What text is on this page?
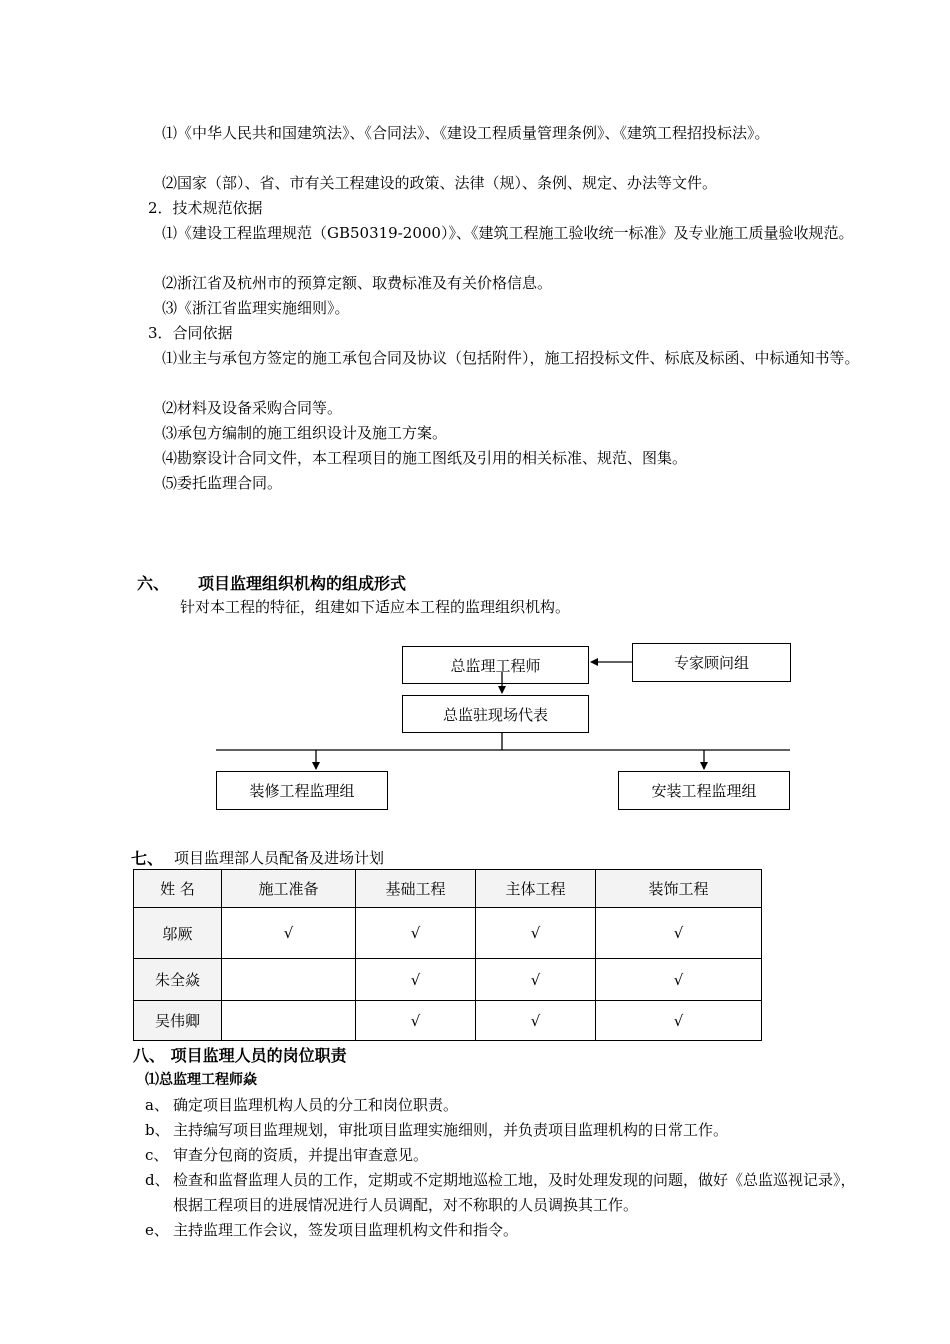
⑴《中华人民共和国建筑法》、《合同法》、《建设工程质量管理条例》、《建筑工程招投标法》。
⑵国家（部）、省、市有关工程建设的政策、法律（规）、条例、规定、办法等文件。
2．技术规范依据
⑴《建设工程监理规范（GB50319-2000）》、《建筑工程施工验收统一标准》及专业施工质量验收规范。
⑵浙江省及杭州市的预算定额、取费标准及有关价格信息。
⑶《浙江省监理实施细则》。
3．合同依据
⑴业主与承包方签定的施工承包合同及协议（包括附件），施工招投标文件、标底及标函、中标通知书等。
⑵材料及设备采购合同等。
⑶承包方编制的施工组织设计及施工方案。
⑷勘察设计合同文件，本工程项目的施工图纸及引用的相关标准、规范、图集。
⑸委托监理合同。
六、 项目监理组织机构的组成形式
针对本工程的特征，组建如下适应本工程的监理组织机构。
总监理工程师	专家顾问组
总监驻现场代表
装修工程监理组	安装工程监理组
七、 项目监理部人员配备及进场计划
姓 名	施工准备	基础工程	主体工程	装饰工程
邬厥	√	√	√	√
朱全焱		√	√	√
吴伟卿		√	√	√
八、 项目监理人员的岗位职责
⑴总监理工程师焱
a、 确定项目监理机构人员的分工和岗位职责。
b、 主持编写项目监理规划，审批项目监理实施细则，并负责项目监理机构的日常工作。
c、 审查分包商的资质，并提出审查意见。
d、 检查和监督监理人员的工作，定期或不定期地巡检工地，及时处理发现的问题，做好《总监巡视记录》，根据工程项目的进展情况进行人员调配，对不称职的人员调换其工作。
e、 主持监理工作会议，签发项目监理机构文件和指令。
